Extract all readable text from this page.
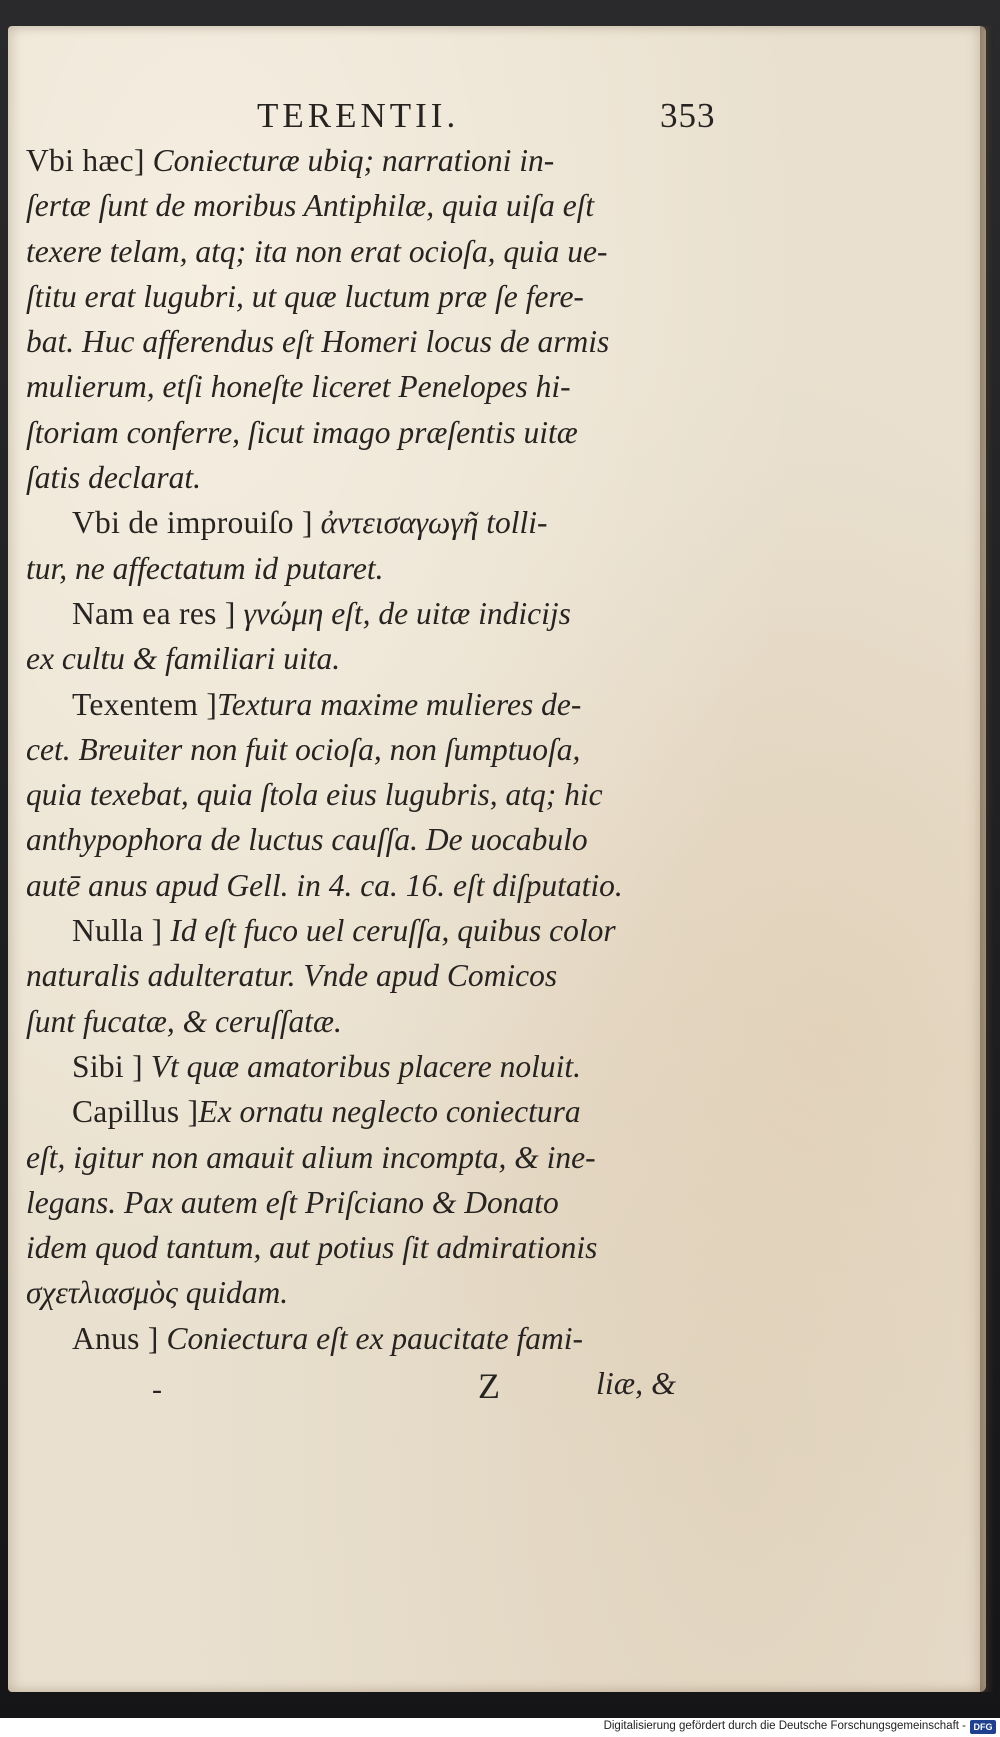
TERENTII.	353
Vbi hæc] Coniecturæ ubiq; narrationi in-
ſertæ ſunt de moribus Antiphilæ, quia uiſa eſt
texere telam, atq; ita non erat ocioſa, quia ue-
ſtitu erat lugubri, ut quæ luctum præ ſe fere-
bat. Huc afferendus eſt Homeri locus de armis
mulierum, etſi honeſte liceret Penelopes hi-
ſtoriam conferre, ſicut imago præſentis uitæ
ſatis declarat.
Vbi de improuiſo ] ἀντεισαγωγῆ tolli-
tur, ne affectatum id putaret.
Nam ea res ] γνώμη eſt, de uitæ indicijs
ex cultu & familiari uita.
Texentem ]Textura maxime mulieres de-
cet. Breuiter non fuit ocioſa, non ſumptuoſa,
quia texebat, quia ſtola eius lugubris, atq; hic
anthypophora de luctus cauſſa. De uocabulo
autē anus apud Gell. in 4. ca. 16. eſt diſputatio.
Nulla ] Id eſt fuco uel ceruſſa, quibus color
naturalis adulteratur. Vnde apud Comicos
ſunt fucatæ, & ceruſſatæ.
Sibi ] Vt quæ amatoribus placere noluit.
Capillus ]Ex ornatu neglecto coniectura
eſt, igitur non amauit alium incompta, & ine-
legans. Pax autem eſt Priſciano & Donato
idem quod tantum, aut potius ſit admirationis
σχετλιασμὸς quidam.
Anus ] Coniectura eſt ex paucitate fami-
-	Z	liæ, &
Digitalisierung gefördert durch die Deutsche Forschungsgemeinschaft - DFG
